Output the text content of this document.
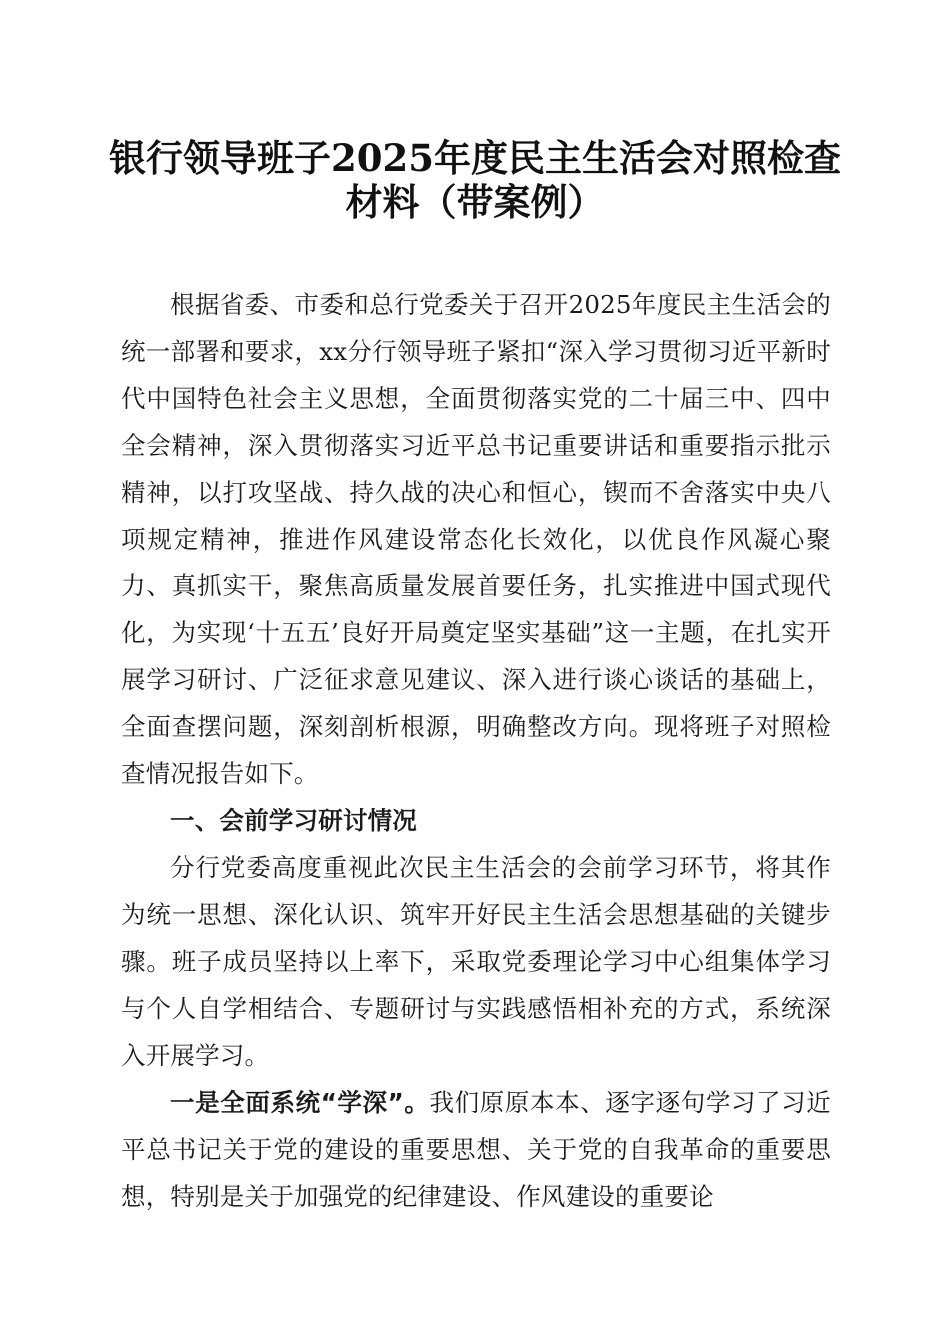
银行领导班子2025年度民主生活会对照检查
材料（带案例）

根据省委、市委和总行党委关于召开2025年度民主生活会的统一部署和要求，xx分行领导班子紧扣“深入学习贯彻习近平新时代中国特色社会主义思想，全面贯彻落实党的二十届三中、四中全会精神，深入贯彻落实习近平总书记重要讲话和重要指示批示精神，以打攻坚战、持久战的决心和恒心，锲而不舍落实中央八项规定精神，推进作风建设常态化长效化，以优良作风凝心聚力、真抓实干，聚焦高质量发展首要任务，扎实推进中国式现代化，为实现‘十五五’良好开局奠定坚实基础”这一主题，在扎实开展学习研讨、广泛征求意见建议、深入进行谈心谈话的基础上，全面查摆问题，深刻剖析根源，明确整改方向。现将班子对照检查情况报告如下。

一、会前学习研讨情况

分行党委高度重视此次民主生活会的会前学习环节，将其作为统一思想、深化认识、筑牢开好民主生活会思想基础的关键步骤。班子成员坚持以上率下，采取党委理论学习中心组集体学习与个人自学相结合、专题研讨与实践感悟相补充的方式，系统深入开展学习。

一是全面系统“学深”。我们原原本本、逐字逐句学习了习近平总书记关于党的建设的重要思想、关于党的自我革命的重要思想，特别是关于加强党的纪律建设、作风建设的重要论
